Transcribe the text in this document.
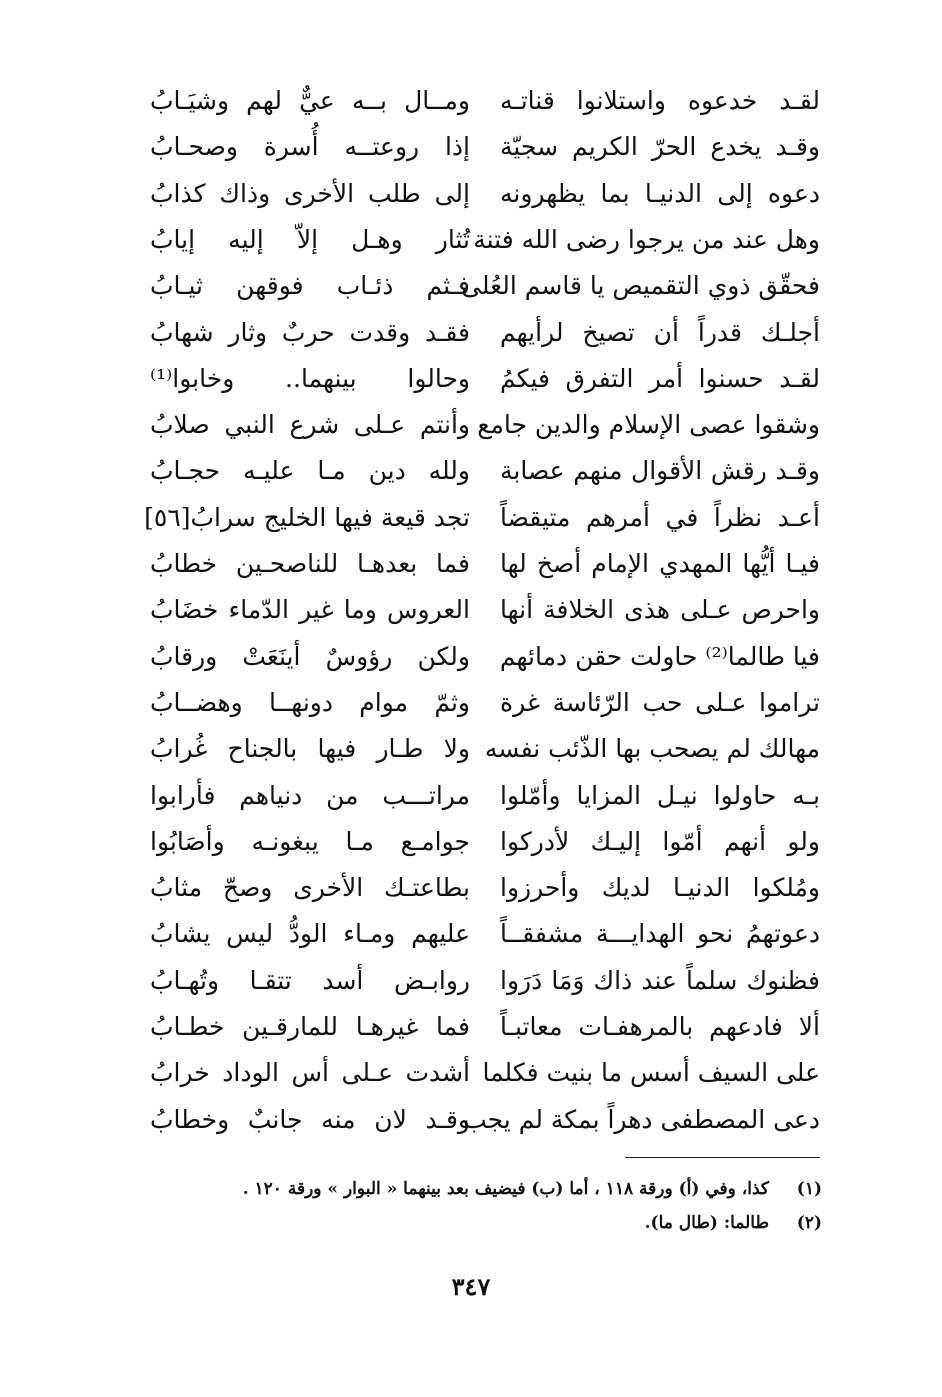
لقـد خدعوه واستلانوا قناتـه
ومــال بــه عيٌّ لهم وشيَـابُ
وقـد يخدع الحرّ الكريم سجيّة
إذا روعتــه أُسرة وصحـابُ
دعوه إلى الدنيـا بما يظهرونه
إلى طلب الأخرى وذاك كذابُ
وهل عند من يرجوا رضى الله فتنة
تُثار وهـل إلاّ إليه إيابُ
فحقّق ذوي التقميص يا قاسم العُلى
فـثم ذئـاب فوقهن ثيـابُ
أجلـك قدراً أن تصيخ لرأيهم
فقـد وقدت حربٌ وثار شهابُ
لقـد حسنوا أمر التفرق فيكمُ
وحالوا بينهما.. وخابوا⁽¹⁾
وشقوا عصى الإسلام والدين جامع
وأنتم عـلى شرع النبي صلابُ
وقـد رقش الأقوال منهم عصابة
ولله دين مـا عليـه حجـابُ
أعـد نظراً في أمرهم متيقضاً
تجد قيعة فيها الخليج سرابُ[٥٦]
فيـا أيُّها المهدي الإمام أصخ لها
فما بعدهـا للناصحـين خطابُ
واحرص عـلى هذى الخلافة أنها
العروس وما غير الدّماء خضَابُ
فيا طالما⁽²⁾ حاولت حقن دمائهم
ولكن رؤوسٌ أينَعَتْ ورقابُ
تراموا عـلى حب الرّئاسة غرة
وثمّ موام دونهــا وهضــابُ
مهالك لم يصحب بها الذّئب نفسه
ولا طـار فيها بالجناح غُرابُ
بـه حاولوا نيـل المزايا وأمّلوا
مراتـــب من دنياهم فأرابوا
ولو أنهم أمّوا إليـك لأدركوا
جوامـع مـا يبغونـه وأصَابُوا
ومُلكوا الدنيـا لديك وأحرزوا
بطاعتـك الأخرى وصحّ مثابُ
دعوتهمُ نحو الهدايـــة مشفقــاً
عليهم ومـاء الودُّ ليس يشابُ
فظنوك سلماً عند ذاك وَمَا دَرَوا
روابـض أسد تتقـا وتُهـابُ
ألا فادعهم بالمرهفـات معاتبـاً
فما غيرهـا للمارقـين خطـابُ
على السيف أسس ما بنيت فكلما
أشدت عـلى أس الوداد خرابُ
دعى المصطفى دهراً بمكة لم يجب
وقـد لان منه جانبٌ وخطابُ
(١)
كذا، وفي (أ) ورقة ١١٨ ، أما (ب) فيضيف بعد بينهما « البوار » ورقة ١٢٠ .
(٢)
طالما: (طال ما).
٣٤٧
